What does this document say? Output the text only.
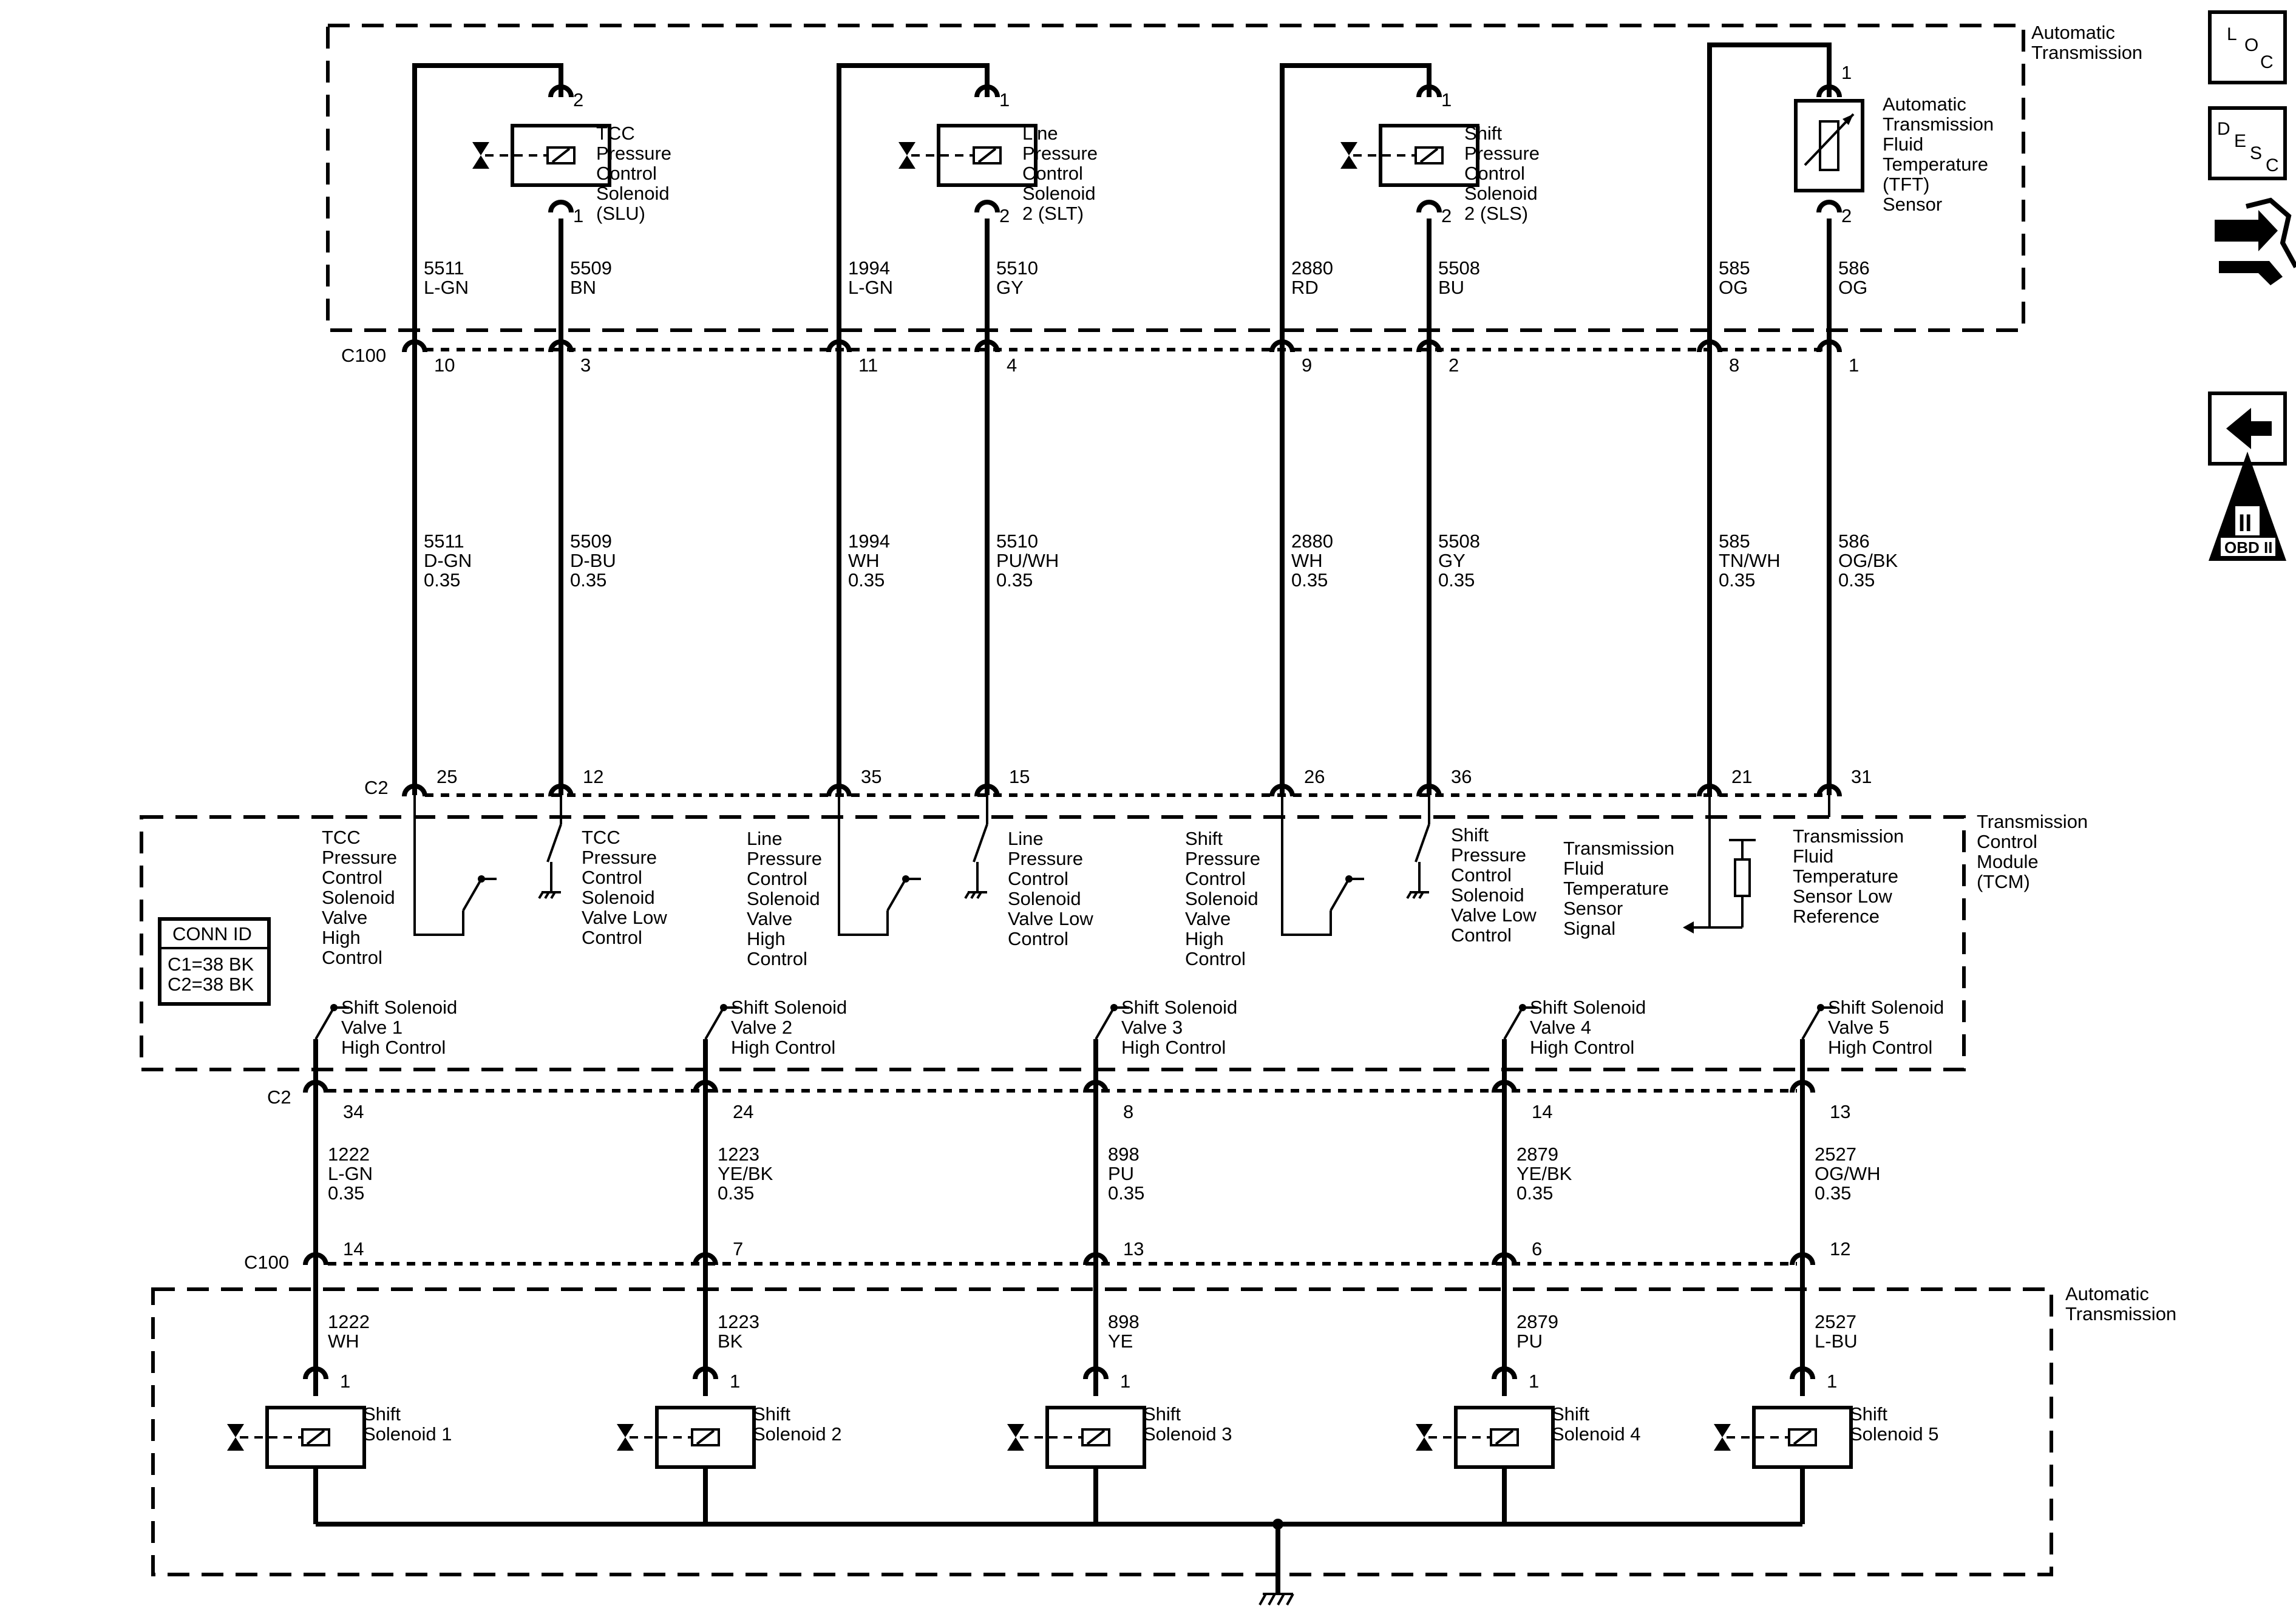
Automatic Transmission
Transmission Control Module (TCM)
Automatic Transmission
C100
C2
C2
C100
CONN ID
C1=38 BK
C2=38 BK
5511
L-GN
10
5511
D-GN
0.35
25
5509
BN
3
5509
D-BU
0.35
12
1994
L-GN
11
1994
WH
0.35
35
5510
GY
4
5510
PU/WH
0.35
15
2880
RD
9
2880
WH
0.35
26
5508
BU
2
5508
GY
0.35
36
585
OG
8
585
TN/WH
0.35
21
586
OG
1
586
OG/BK
0.35
31
2
1
TCC Pressure Control Solenoid (SLU)
1
2
Line Pressure Control Solenoid 2 (SLT)
1
2
Shift Pressure Control Solenoid 2 (SLS)
1
2
Automatic Transmission Fluid Temperature (TFT) Sensor
TCC Pressure Control Solenoid Valve High Control
TCC Pressure Control Solenoid Valve Low Control
Line Pressure Control Solenoid Valve High Control
Line Pressure Control Solenoid Valve Low Control
Shift Pressure Control Solenoid Valve High Control
Shift Pressure Control Solenoid Valve Low Control
Transmission Fluid Temperature Sensor Signal
Transmission Fluid Temperature Sensor Low Reference
Shift Solenoid Valve 1 High Control
34
1222
L-GN
0.35
14
1222
WH
1
Shift Solenoid 1
Shift Solenoid Valve 2 High Control
24
1223
YE/BK
0.35
7
1223
BK
1
Shift Solenoid 2
Shift Solenoid Valve 3 High Control
8
898
PU
0.35
13
898
YE
1
Shift Solenoid 3
Shift Solenoid Valve 4 High Control
14
2879
YE/BK
0.35
6
2879
PU
1
Shift Solenoid 4
Shift Solenoid Valve 5 High Control
13
2527
OG/WH
0.35
12
2527
L-BU
1
Shift Solenoid 5
L
O
C
D
E
S
C
II
OBD II
